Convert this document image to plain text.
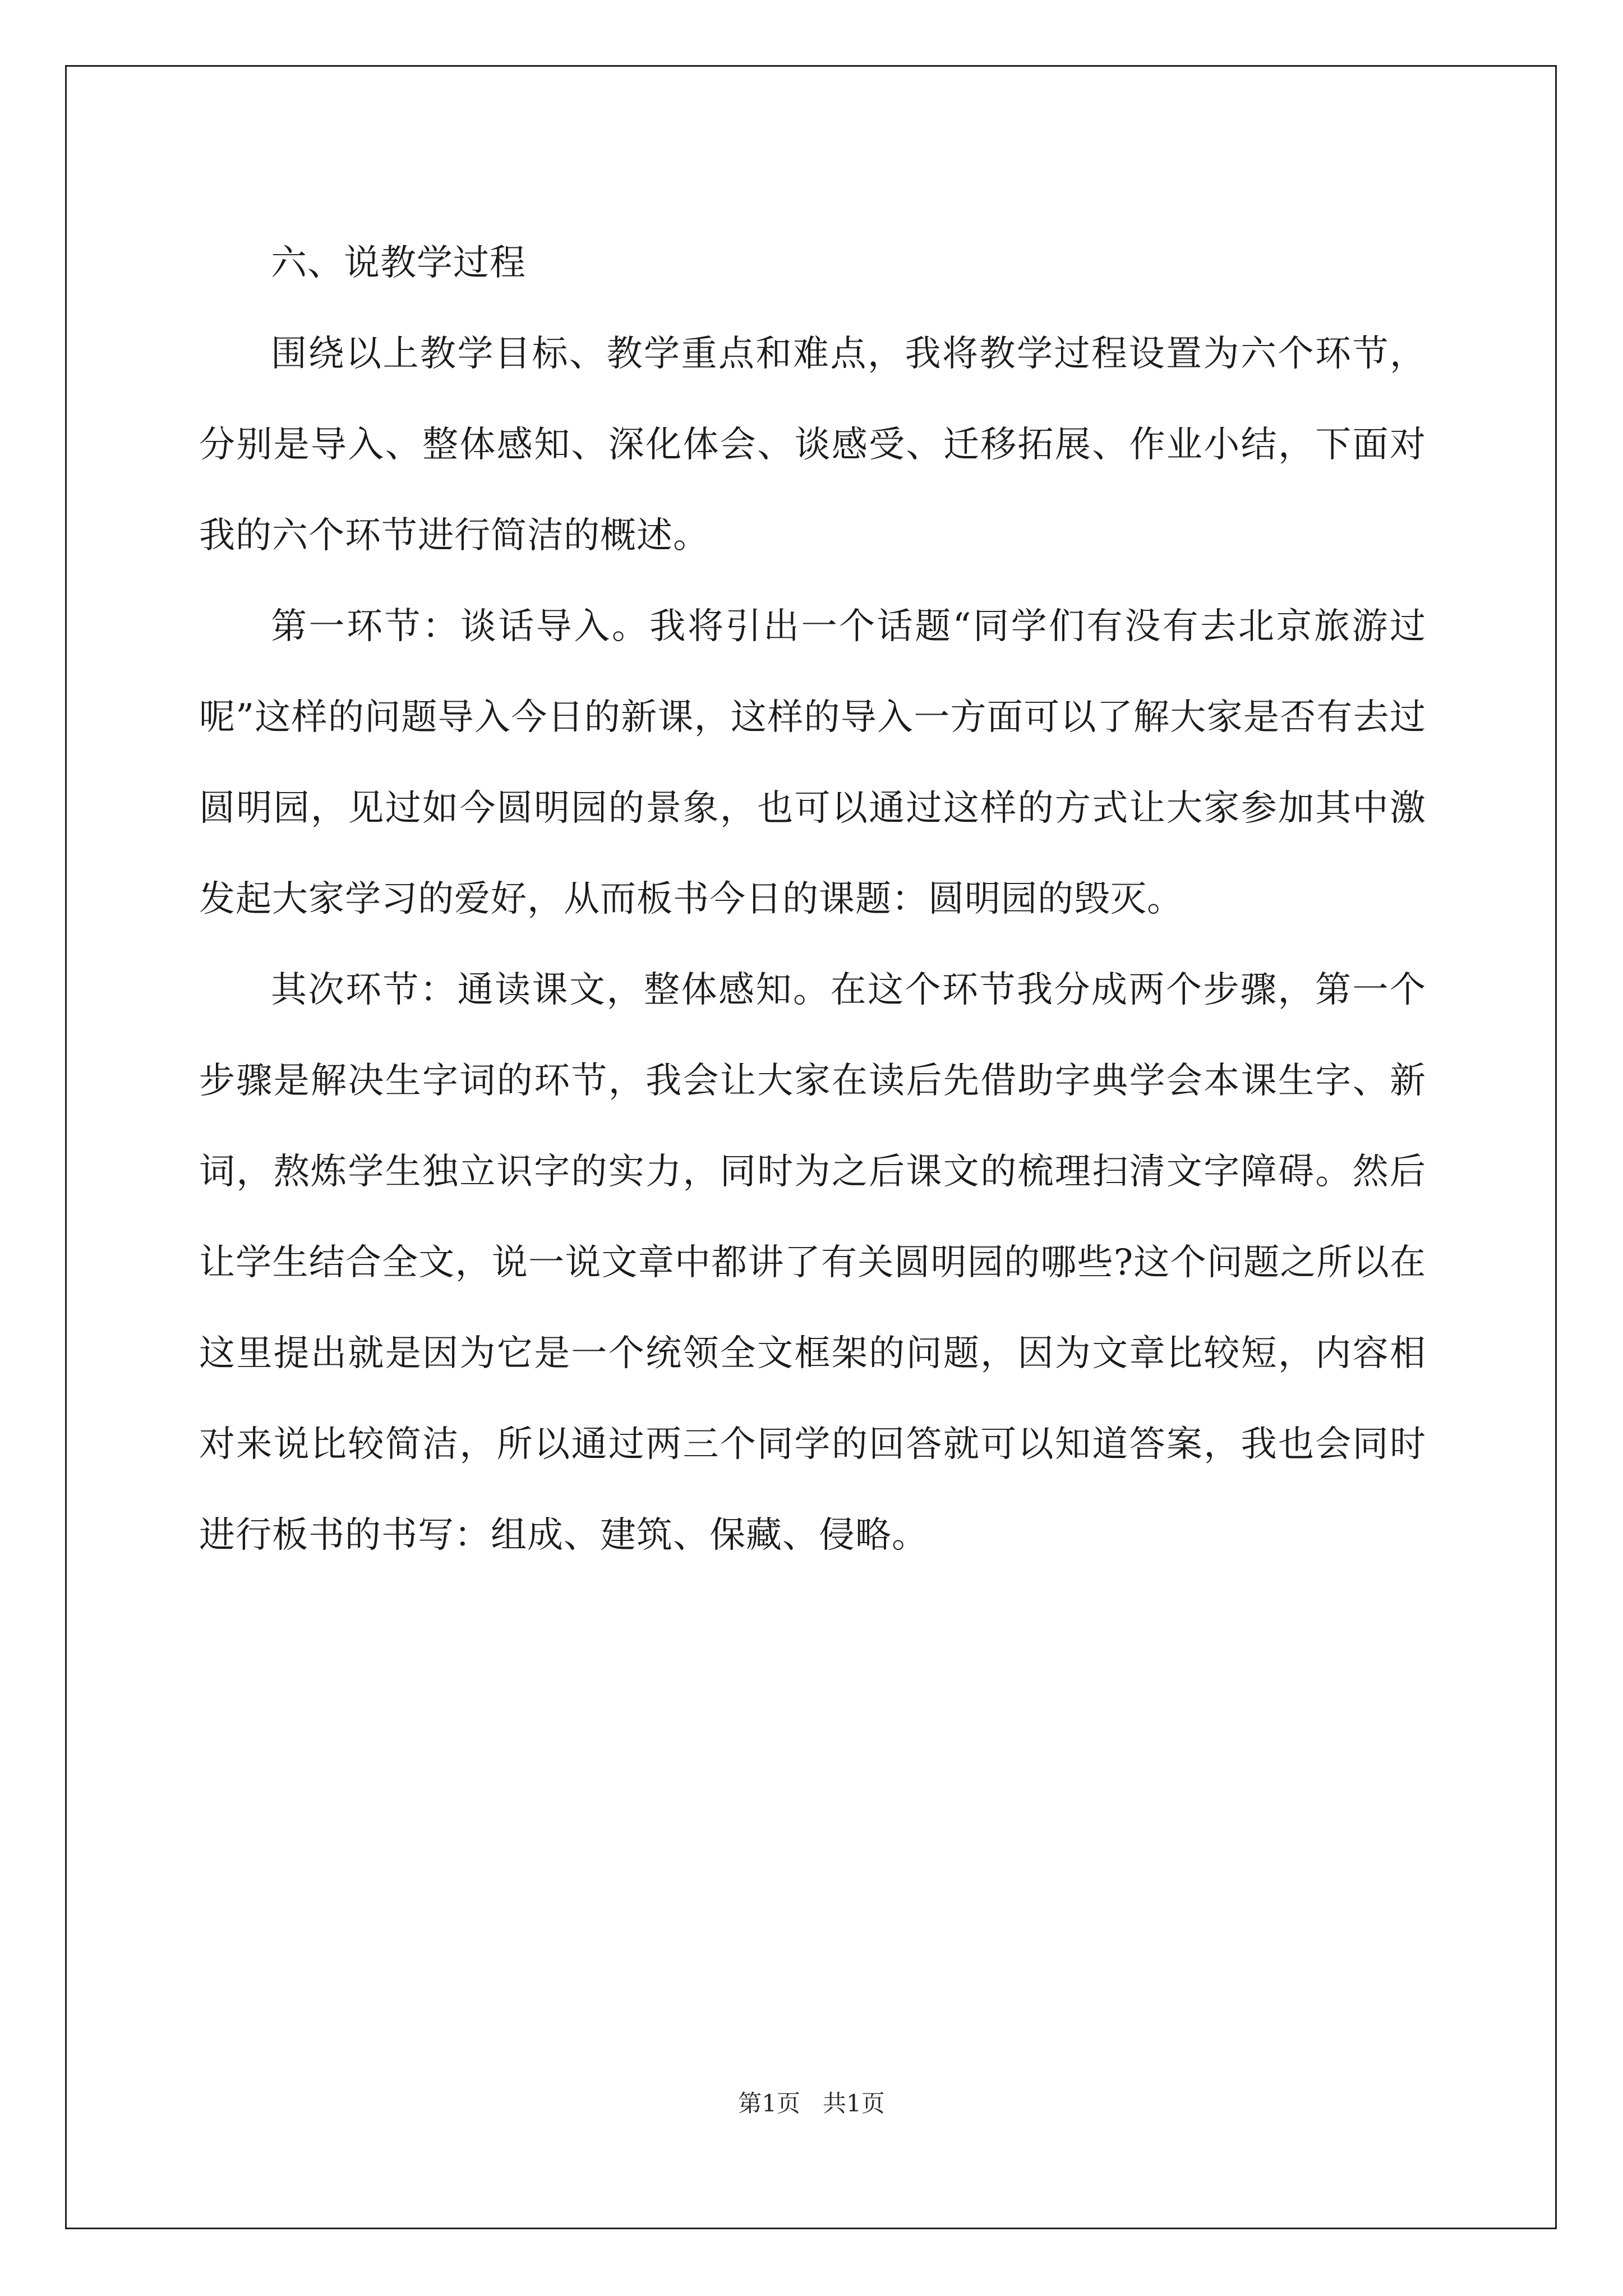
六、说教学过程

围绕以上教学目标、教学重点和难点，我将教学过程设置为六个环节，分别是导入、整体感知、深化体会、谈感受、迁移拓展、作业小结，下面对我的六个环节进行简洁的概述。

第一环节：谈话导入。我将引出一个话题“同学们有没有去北京旅游过呢”这样的问题导入今日的新课，这样的导入一方面可以了解大家是否有去过圆明园，见过如今圆明园的景象，也可以通过这样的方式让大家参加其中激发起大家学习的爱好，从而板书今日的课题：圆明园的毁灭。

其次环节：通读课文，整体感知。在这个环节我分成两个步骤，第一个步骤是解决生字词的环节，我会让大家在读后先借助字典学会本课生字、新词，熬炼学生独立识字的实力，同时为之后课文的梳理扫清文字障碍。然后让学生结合全文，说一说文章中都讲了有关圆明园的哪些?这个问题之所以在这里提出就是因为它是一个统领全文框架的问题，因为文章比较短，内容相对来说比较简洁，所以通过两三个同学的回答就可以知道答案，我也会同时进行板书的书写：组成、建筑、保藏、侵略。

第1页 共1页
